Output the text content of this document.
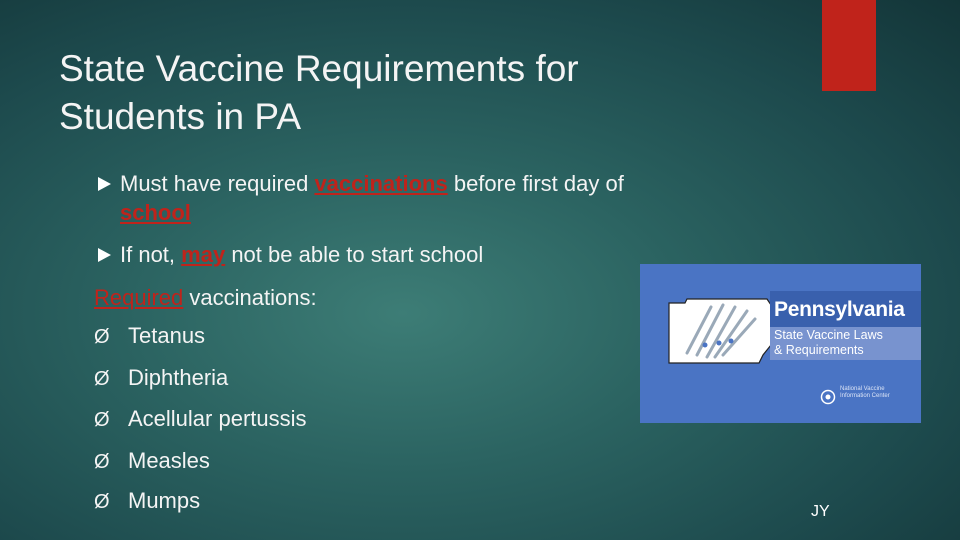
State Vaccine Requirements for
Students in PA
Must have required vaccinations before first day of
school
If not, may not be able to start school
Required vaccinations:
Ø Tetanus
Ø Diphtheria
Ø Acellular pertussis
Ø Measles
Ø Mumps
Pennsylvania
State Vaccine Laws
& Requirements
National Vaccine
Information Center
JY
